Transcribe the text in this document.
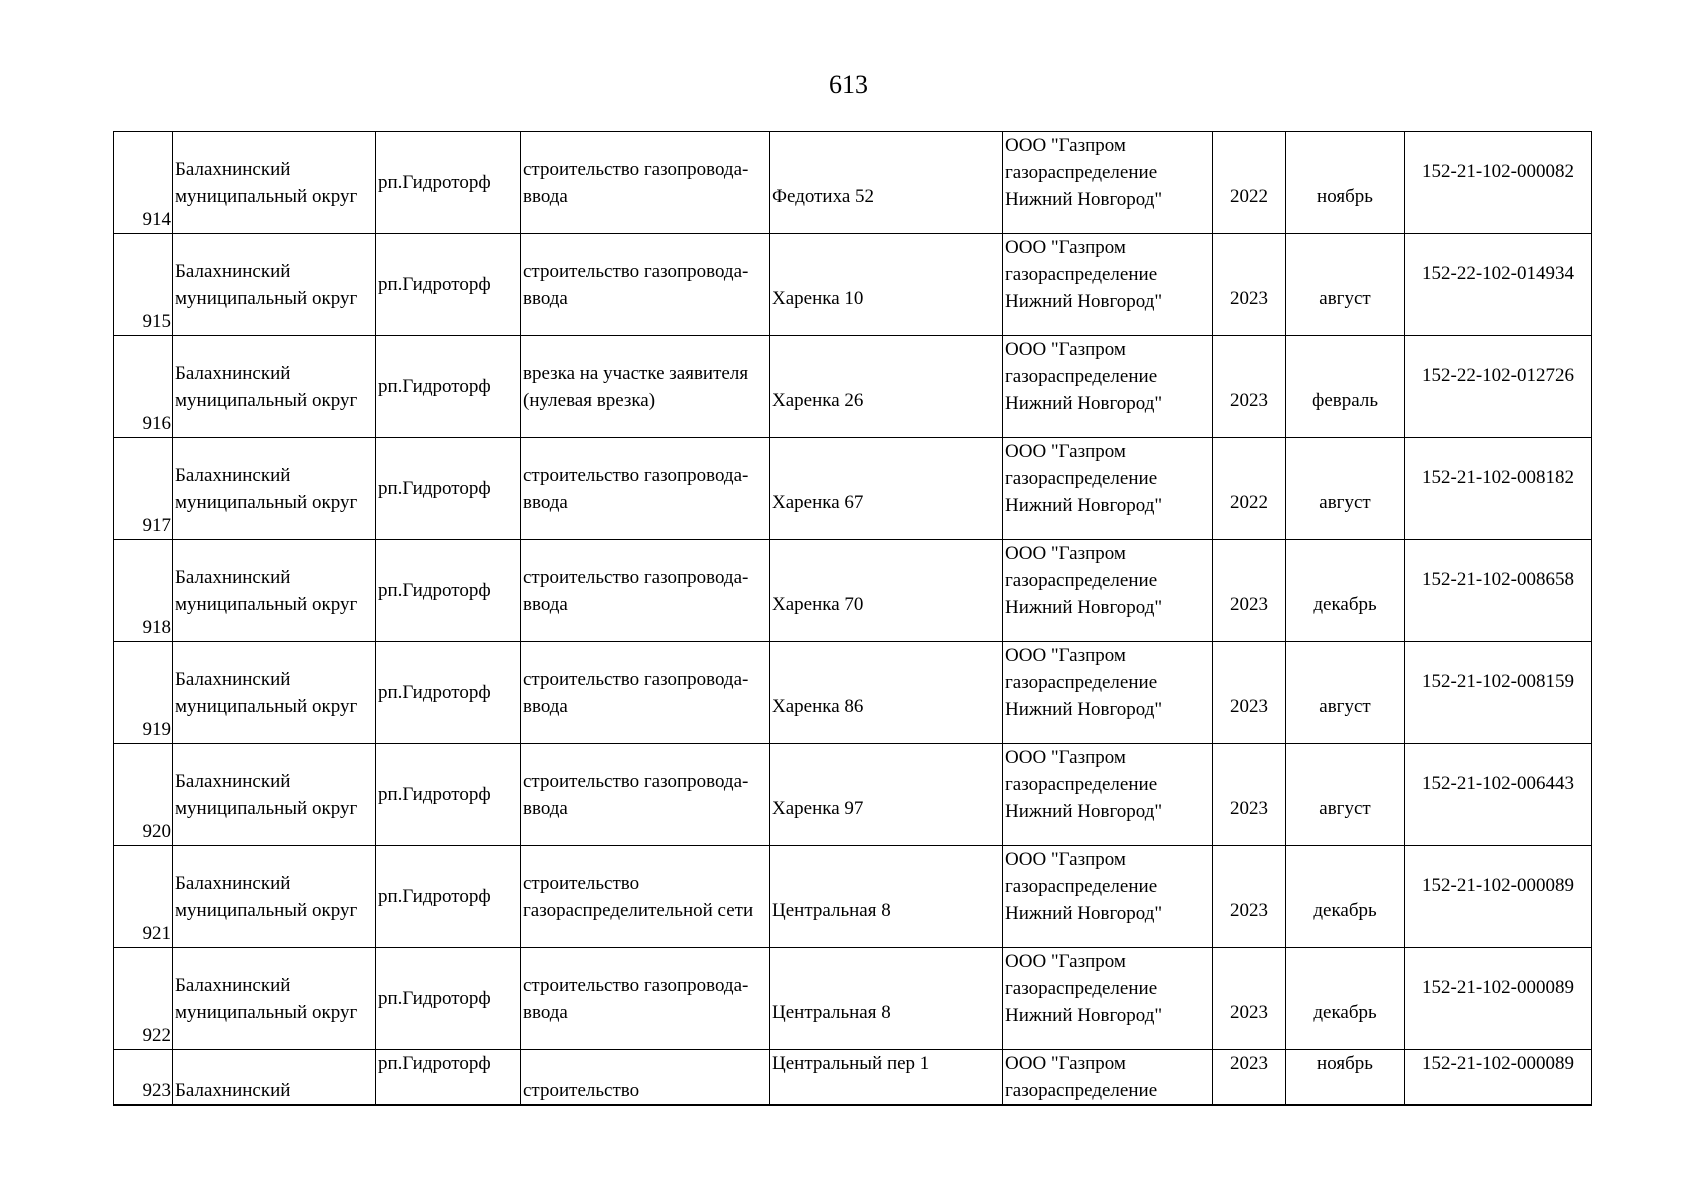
613
914	Балахнинский муниципальный округ	рп.Гидроторф	строительство газопровода-ввода	Федотиха 52	ООО "Газпром газораспределение Нижний Новгород"	2022	ноябрь	152-21-102-000082
915	Балахнинский муниципальный округ	рп.Гидроторф	строительство газопровода-ввода	Харенка 10	ООО "Газпром газораспределение Нижний Новгород"	2023	август	152-22-102-014934
916	Балахнинский муниципальный округ	рп.Гидроторф	врезка на участке заявителя (нулевая врезка)	Харенка 26	ООО "Газпром газораспределение Нижний Новгород"	2023	февраль	152-22-102-012726
917	Балахнинский муниципальный округ	рп.Гидроторф	строительство газопровода-ввода	Харенка 67	ООО "Газпром газораспределение Нижний Новгород"	2022	август	152-21-102-008182
918	Балахнинский муниципальный округ	рп.Гидроторф	строительство газопровода-ввода	Харенка 70	ООО "Газпром газораспределение Нижний Новгород"	2023	декабрь	152-21-102-008658
919	Балахнинский муниципальный округ	рп.Гидроторф	строительство газопровода-ввода	Харенка 86	ООО "Газпром газораспределение Нижний Новгород"	2023	август	152-21-102-008159
920	Балахнинский муниципальный округ	рп.Гидроторф	строительство газопровода-ввода	Харенка 97	ООО "Газпром газораспределение Нижний Новгород"	2023	август	152-21-102-006443
921	Балахнинский муниципальный округ	рп.Гидроторф	строительство газораспределительной сети	Центральная 8	ООО "Газпром газораспределение Нижний Новгород"	2023	декабрь	152-21-102-000089
922	Балахнинский муниципальный округ	рп.Гидроторф	строительство газопровода-ввода	Центральная 8	ООО "Газпром газораспределение Нижний Новгород"	2023	декабрь	152-21-102-000089
923	Балахнинский	рп.Гидроторф	строительство	Центральный пер 1	ООО "Газпром газораспределение	2023	ноябрь	152-21-102-000089
